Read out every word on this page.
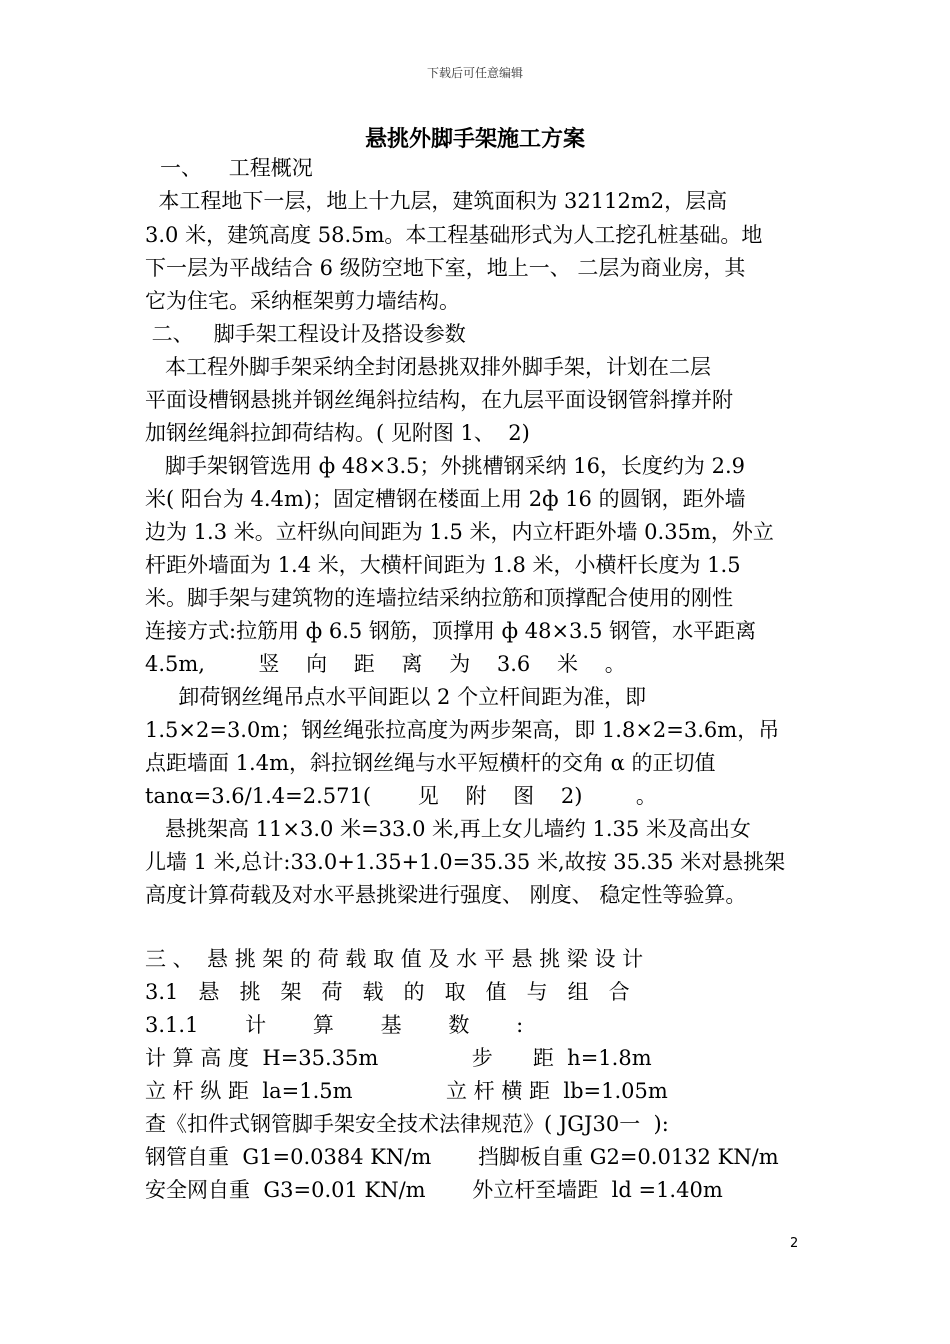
下载后可任意编辑
悬挑外脚手架施工方案
一、    工程概况
本工程地下一层，地上十九层，建筑面积为 32112m2，层高
3.0 米，建筑高度 58.5m。本工程基础形式为人工挖孔桩基础。地
下一层为平战结合 6 级防空地下室，地上一、 二层为商业房，其
它为住宅。采纳框架剪力墙结构。
二、   脚手架工程设计及搭设参数
本工程外脚手架采纳全封闭悬挑双排外脚手架，计划在二层
平面设槽钢悬挑并钢丝绳斜拉结构，在九层平面设钢管斜撑并附
加钢丝绳斜拉卸荷结构。( 见附图 1、  2)
脚手架钢管选用 ф 48×3.5；外挑槽钢采纳 16，长度约为 2.9
米( 阳台为 4.4m)；固定槽钢在楼面上用 2ф 16 的圆钢，距外墙
边为 1.3 米。立杆纵向间距为 1.5 米，内立杆距外墙 0.35m，外立
杆距外墙面为 1.4 米，大横杆间距为 1.8 米，小横杆长度为 1.5
米。脚手架与建筑物的连墙拉结采纳拉筋和顶撑配合使用的刚性
连接方式:拉筋用 ф 6.5 钢筋，顶撑用 ф 48×3.5 钢管，水平距离
4.5m,        竖    向    距    离    为    3.6    米    。
卸荷钢丝绳吊点水平间距以 2 个立杆间距为准，即
1.5×2=3.0m；钢丝绳张拉高度为两步架高，即 1.8×2=3.6m，吊
点距墙面 1.4m，斜拉钢丝绳与水平短横杆的交角 α 的正切值
tanα=3.6/1.4=2.571(       见    附    图    2)        。
悬挑架高 11×3.0 米=33.0 米,再上女儿墙约 1.35 米及高出女
儿墙 1 米,总计:33.0+1.35+1.0=35.35 米,故按 35.35 米对悬挑架
高度计算荷载及对水平悬挑梁进行强度、 刚度、 稳定性等验算。
三 、  悬 挑 架 的 荷 载 取 值 及 水 平 悬 挑 梁 设 计
3.1   悬   挑   架   荷   载   的   取   值   与   组   合
3.1.1       计       算       基       数       :
计 算 高 度  H=35.35m              步      距  h=1.8m
立 杆 纵 距  la=1.5m              立 杆 横 距  lb=1.05m
查《扣件式钢管脚手架安全技术法律规范》( JGJ30一  ):
钢管自重  G1=0.0384 KN/m       挡脚板自重 G2=0.0132 KN/m
安全网自重  G3=0.01 KN/m       外立杆至墙距  ld =1.40m
2
